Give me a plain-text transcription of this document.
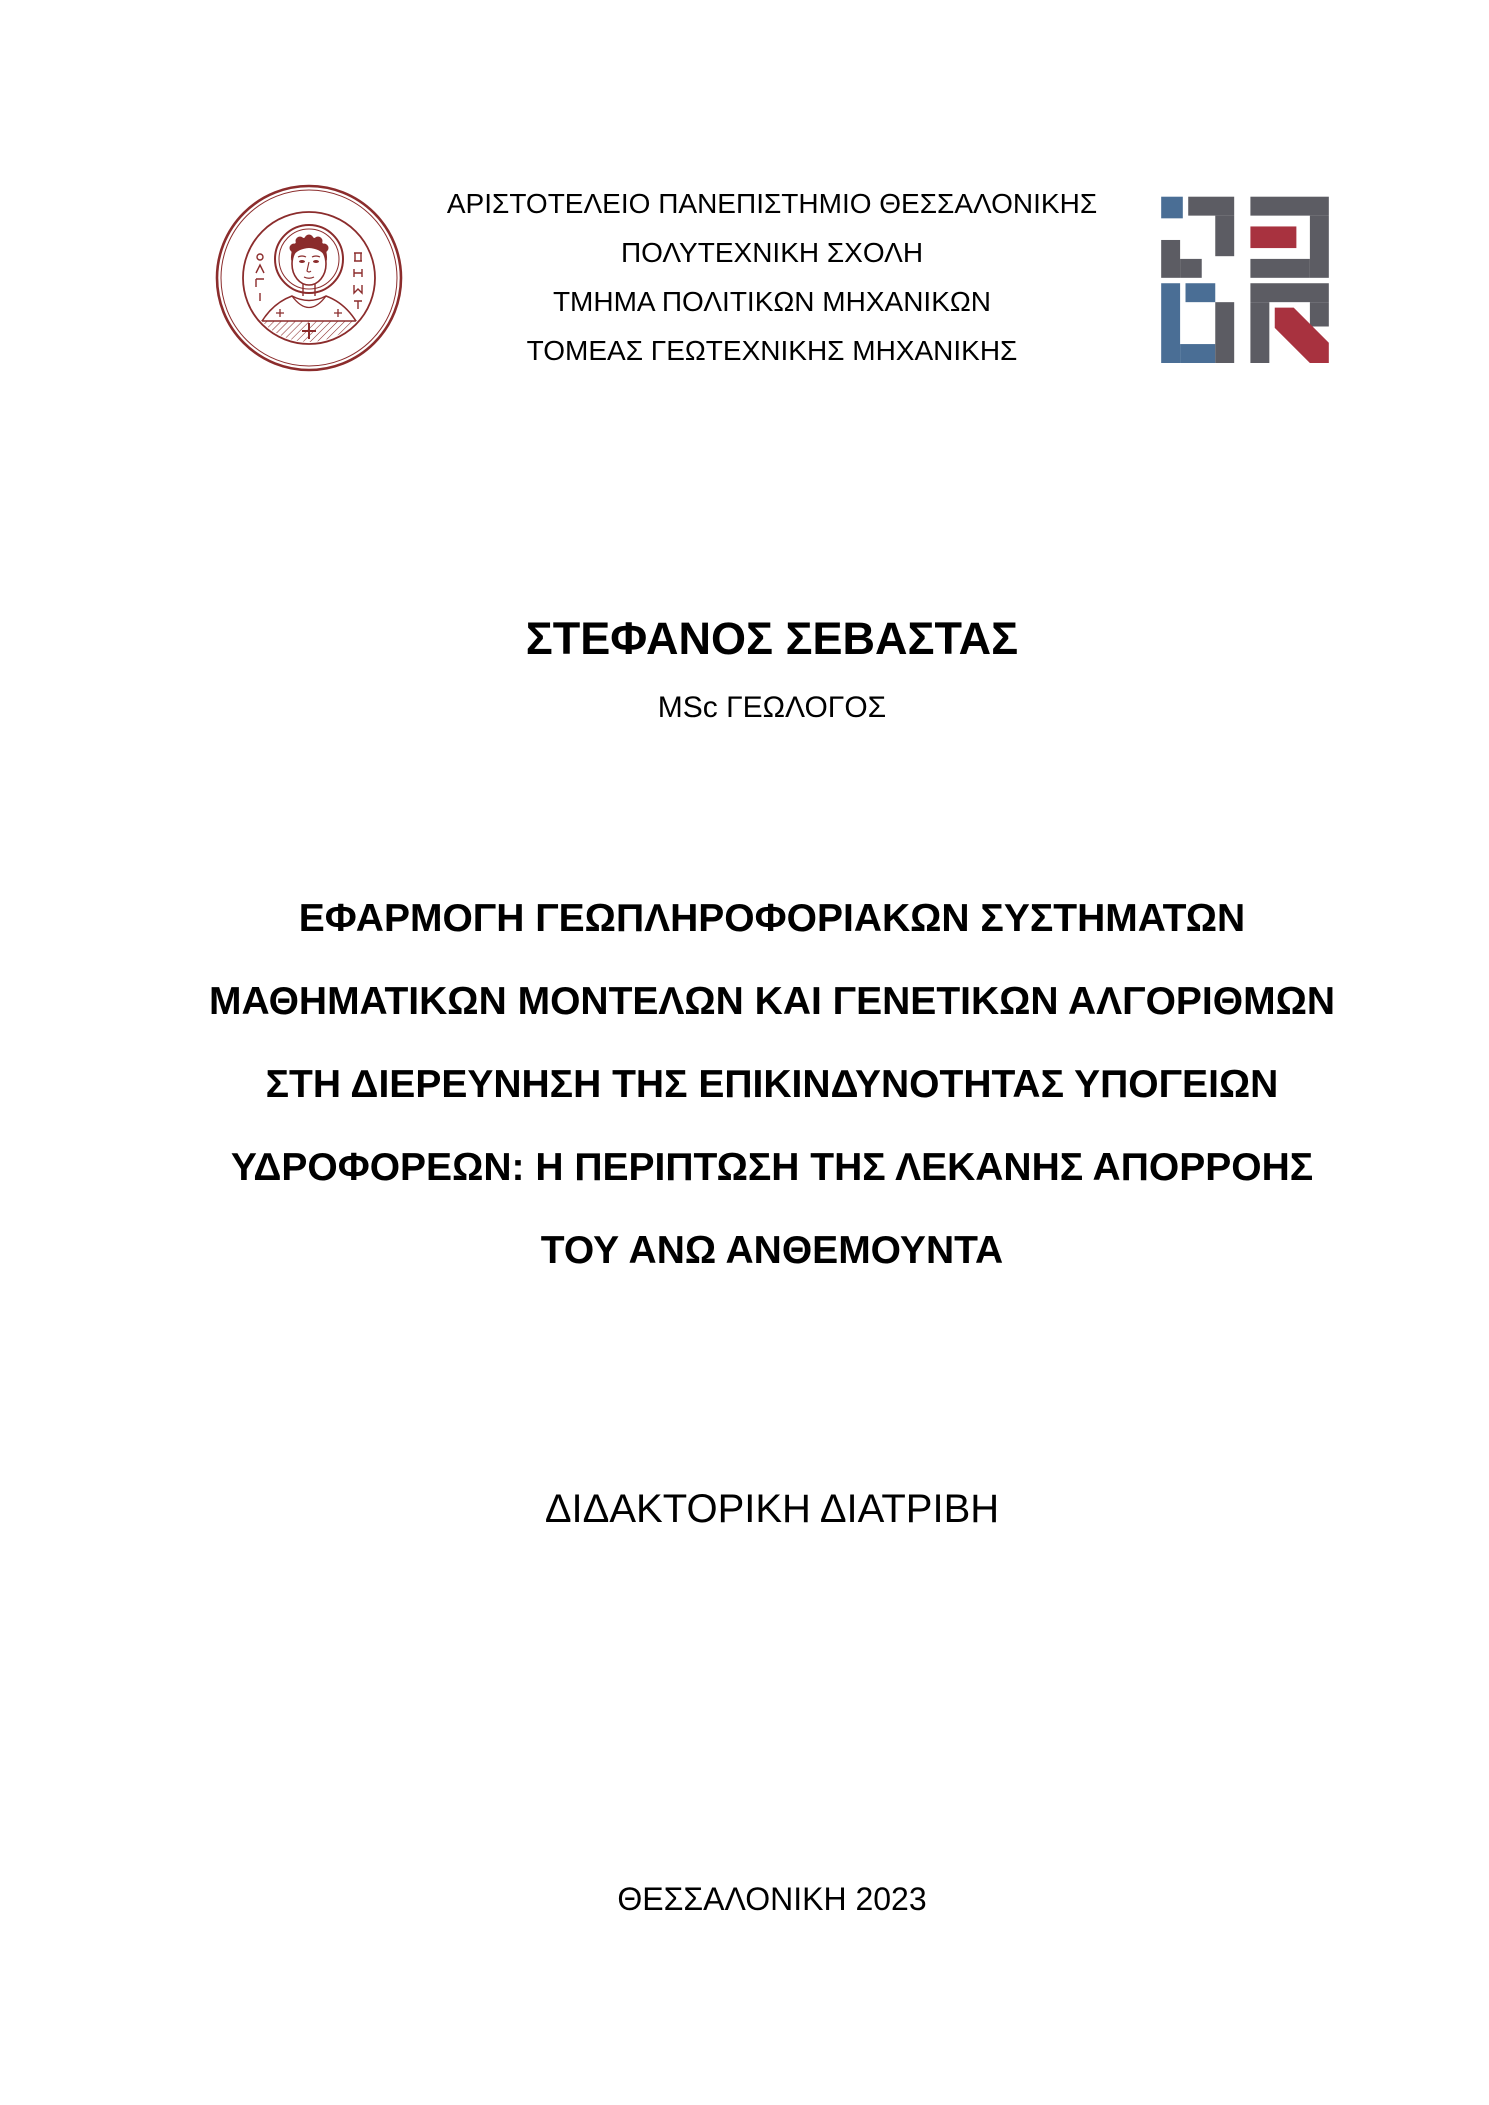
ΑΡΙΣΤΟΤΕΛΕΙΟ ΠΑΝΕΠΙΣΤΗΜΙΟ ΘΕΣΣΑΛΟΝΙΚΗΣ
ΠΟΛΥΤΕΧΝΙΚΗ ΣΧΟΛΗ
ΤΜΗΜΑ ΠΟΛΙΤΙΚΩΝ ΜΗΧΑΝΙΚΩΝ
ΤΟΜΕΑΣ ΓΕΩΤΕΧΝΙΚΗΣ ΜΗΧΑΝΙΚΗΣ
ΣΤΕΦΑΝΟΣ ΣΕΒΑΣΤΑΣ
MSc ΓΕΩΛΟΓΟΣ
ΕΦΑΡΜΟΓΗ ΓΕΩΠΛΗΡΟΦΟΡΙΑΚΩΝ ΣΥΣΤΗΜΑΤΩΝ
ΜΑΘΗΜΑΤΙΚΩΝ ΜΟΝΤΕΛΩΝ ΚΑΙ ΓΕΝΕΤΙΚΩΝ ΑΛΓΟΡΙΘΜΩΝ
ΣΤΗ ΔΙΕΡΕΥΝΗΣΗ ΤΗΣ ΕΠΙΚΙΝΔΥΝΟΤΗΤΑΣ ΥΠΟΓΕΙΩΝ
ΥΔΡΟΦΟΡΕΩΝ: Η ΠΕΡΙΠΤΩΣΗ ΤΗΣ ΛΕΚΑΝΗΣ ΑΠΟΡΡΟΗΣ
ΤΟΥ ΑΝΩ ΑΝΘΕΜΟΥΝΤΑ
ΔΙΔΑΚΤΟΡΙΚΗ ΔΙΑΤΡΙΒΗ
ΘΕΣΣΑΛΟΝΙΚΗ 2023
